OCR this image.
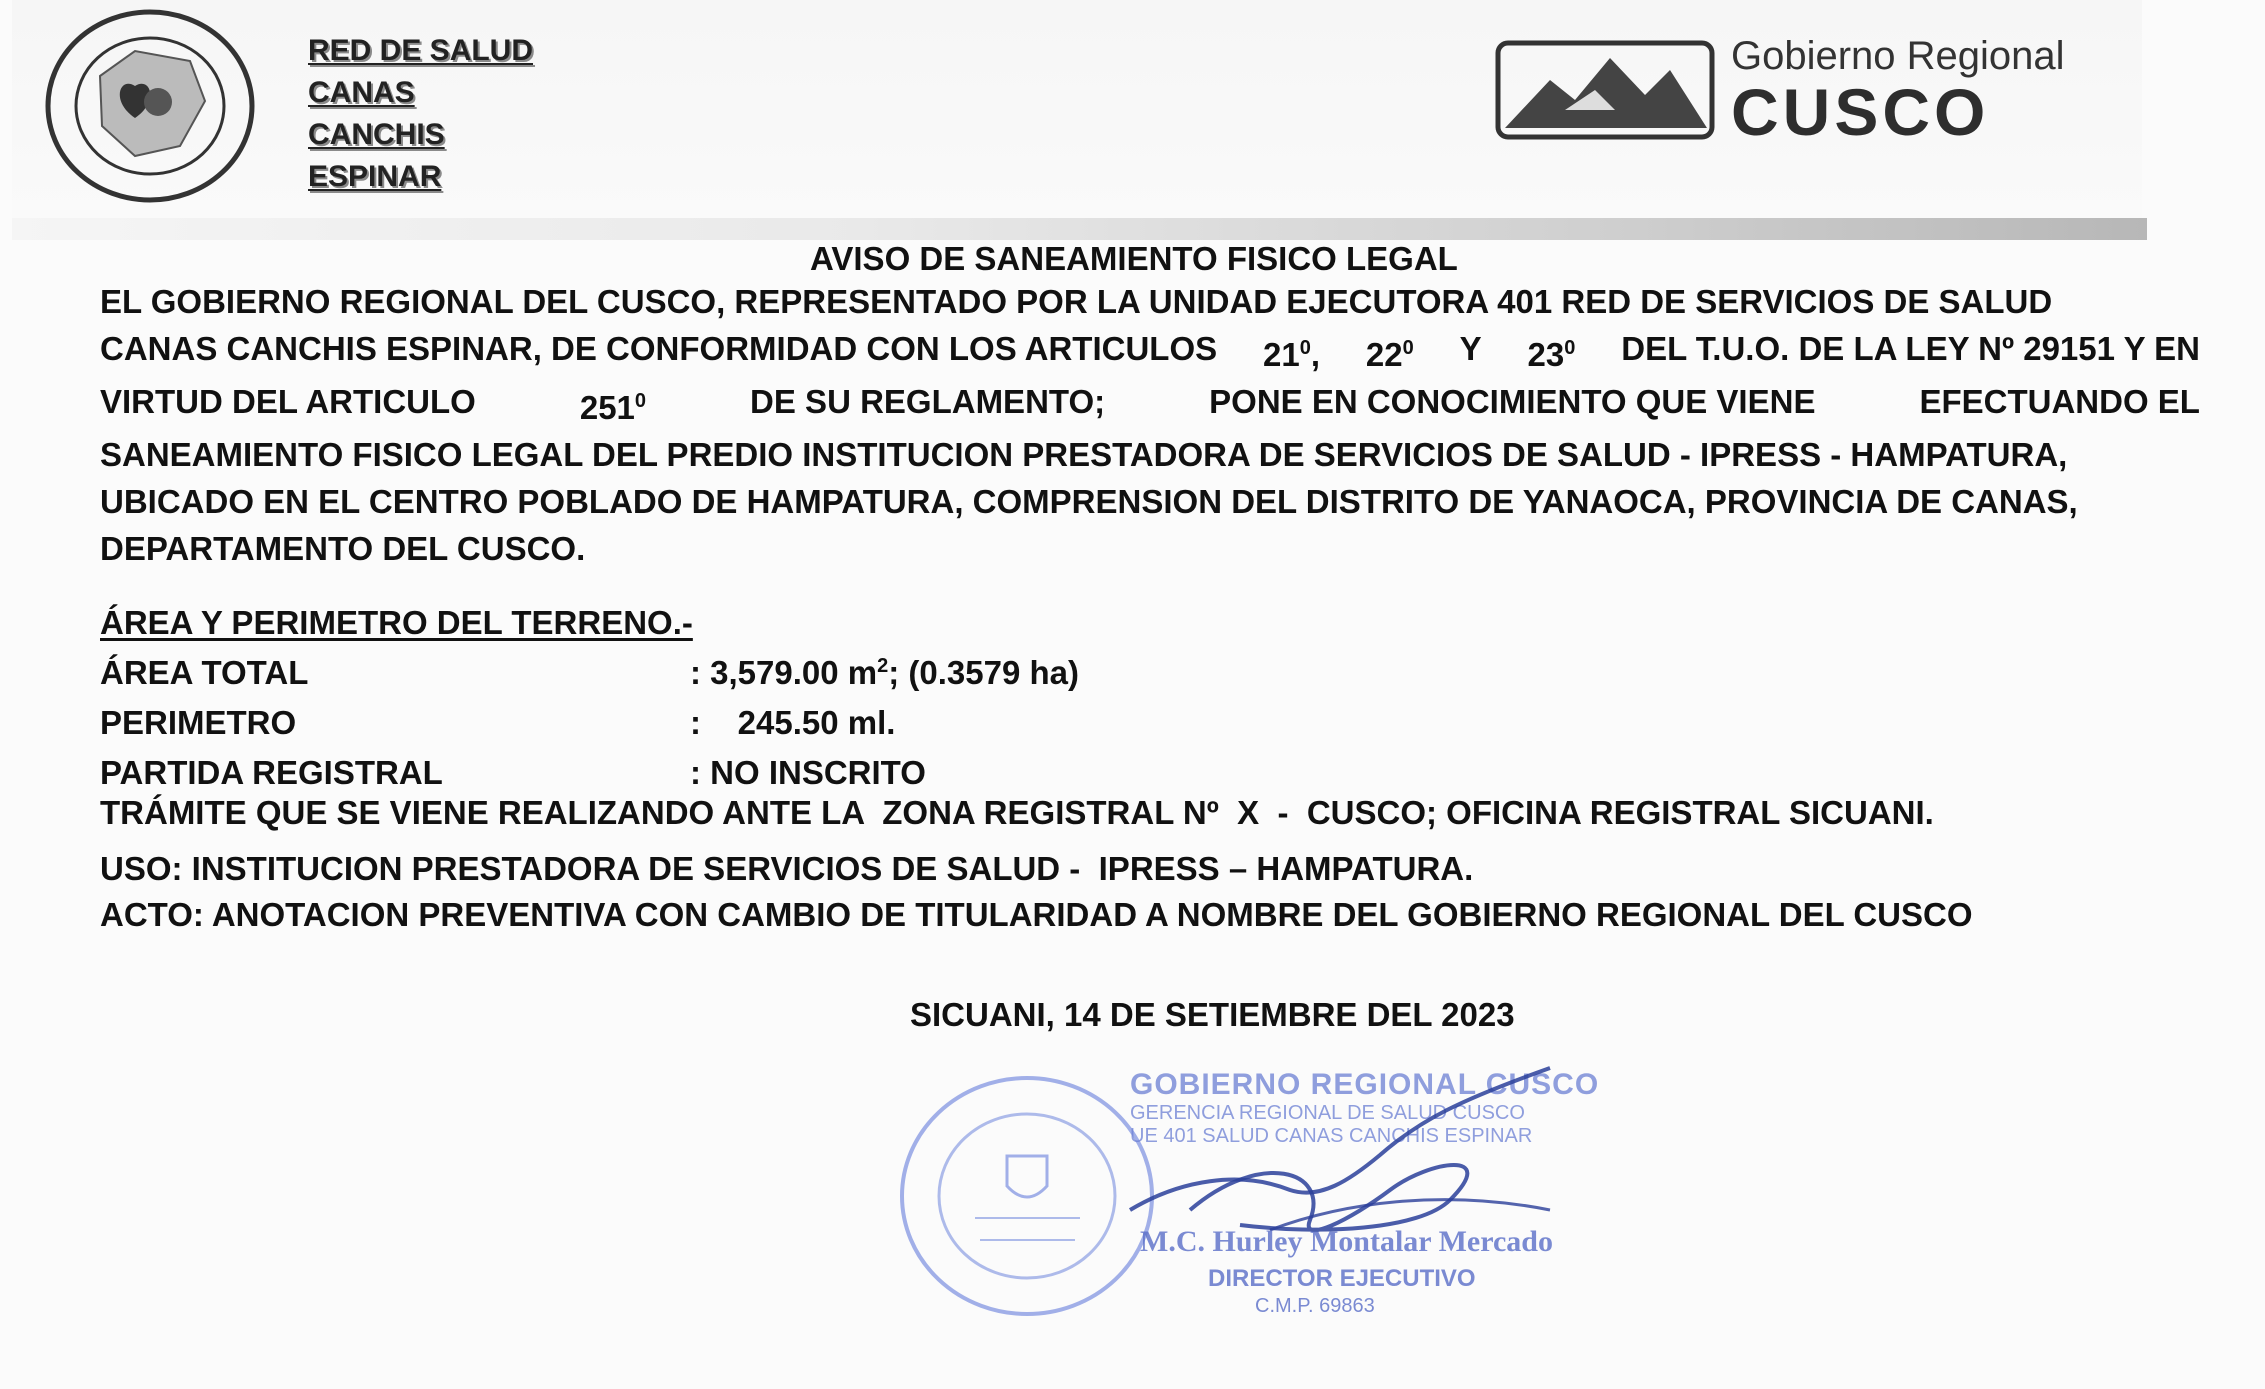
RED DE SALUD
CANAS
CANCHIS
ESPINAR
Gobierno Regional
CUSCO
AVISO DE SANEAMIENTO FISICO LEGAL
EL GOBIERNO REGIONAL DEL CUSCO, REPRESENTADO POR LA UNIDAD EJECUTORA 401 RED DE SERVICIOS DE SALUD
CANAS CANCHIS ESPINAR, DE CONFORMIDAD CON LOS ARTICULOS $21^0$, $22^0$ Y $23^0$ DEL T.U.O. DE LA LEY Nº 29151 Y EN
VIRTUD DEL ARTICULO	$251^0$	DE SU REGLAMENTO;	PONE EN CONOCIMIENTO QUE VIENE	EFECTUANDO EL
SANEAMIENTO FISICO LEGAL DEL PREDIO INSTITUCION PRESTADORA DE SERVICIOS DE SALUD - IPRESS - HAMPATURA,
UBICADO EN EL CENTRO POBLADO DE HAMPATURA, COMPRENSION DEL DISTRITO DE YANAOCA, PROVINCIA DE CANAS,
DEPARTAMENTO DEL CUSCO.
ÁREA Y PERIMETRO DEL TERRENO.-
ÁREA TOTAL	: 3,579.00 $m^2$; (0.3579 ha)
PERIMETRO	:    245.50 ml.
PARTIDA REGISTRAL	: NO INSCRITO
TRÁMITE QUE SE VIENE REALIZANDO ANTE LA  ZONA REGISTRAL Nº  X  -  CUSCO; OFICINA REGISTRAL SICUANI.
USO: INSTITUCION PRESTADORA DE SERVICIOS DE SALUD -  IPRESS – HAMPATURA.
ACTO: ANOTACION PREVENTIVA CON CAMBIO DE TITULARIDAD A NOMBRE DEL GOBIERNO REGIONAL DEL CUSCO
SICUANI, 14 DE SETIEMBRE DEL 2023
GOBIERNO REGIONAL CUSCO
GERENCIA REGIONAL DE SALUD CUSCO
UE 401 SALUD CANAS CANCHIS ESPINAR
M.C. Hurley Montalar Mercado
DIRECTOR EJECUTIVO
C.M.P. 69863
